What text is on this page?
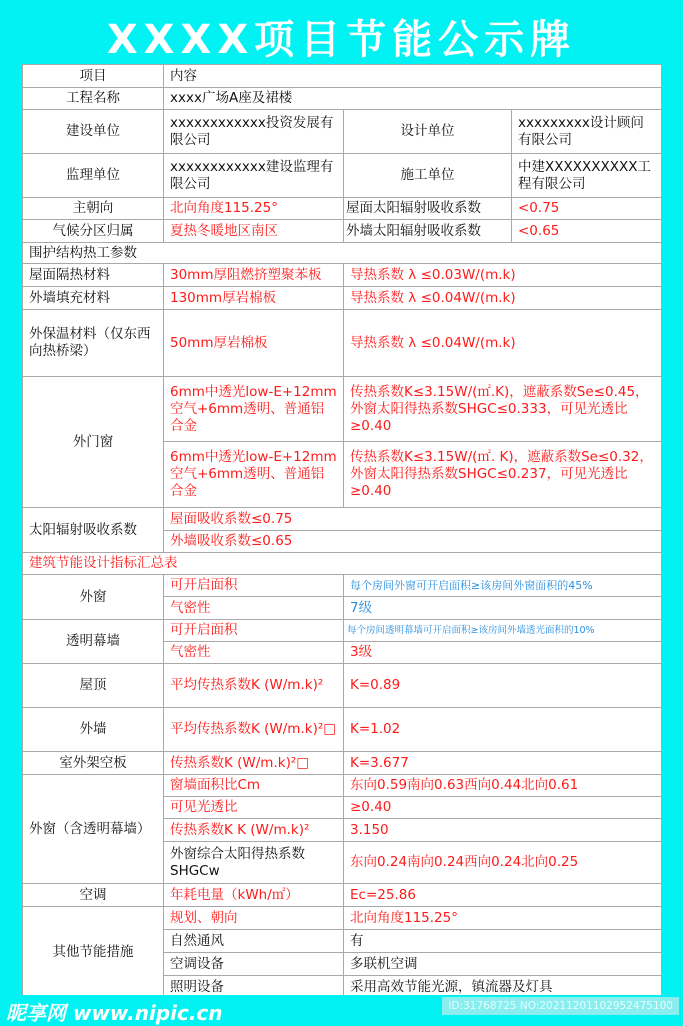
XXXX项目节能公示牌
项目	内容		
工程名称	xxxx广场A座及裙楼		
建设单位	xxxxxxxxxxxx投资发展有限公司	设计单位	xxxxxxxxx设计顾问有限公司
监理单位	xxxxxxxxxxxx建设监理有限公司	施工单位	中建XXXXXXXXXX工程有限公司
主朝向	北向角度115.25°	屋面太阳辐射吸收系数	<0.75
气候分区归属	夏热冬暖地区南区	外墙太阳辐射吸收系数	<0.65
围护结构热工参数			
屋面隔热材料	30mm厚阻燃挤塑聚苯板	导热系数 λ ≤0.03W/(m.k)	
外墙填充材料	130mm厚岩棉板	导热系数 λ ≤0.04W/(m.k)	
外保温材料（仅东西向热桥梁）	50mm厚岩棉板	导热系数 λ ≤0.04W/(m.k)	
外门窗	6mm中透光low-E+12mm空气+6mm透明、普通铝合金	传热系数K≤3.15W/(㎡.K)，遮蔽系数Se≤0.45，外窗太阳得热系数SHGC≤0.333，可见光透比≥0.40	
	6mm中透光low-E+12mm空气+6mm透明、普通铝合金	传热系数K≤3.15W/(㎡. K)，遮蔽系数Se≤0.32，外窗太阳得热系数SHGC≤0.237，可见光透比≥0.40	
太阳辐射吸收系数	屋面吸收系数≤0.75		
	外墙吸收系数≤0.65		
建筑节能设计指标汇总表			
外窗	可开启面积	每个房间外窗可开启面积≥该房间外窗面积的45%	
	气密性	7级	
透明幕墙	可开启面积	每个房间透明幕墙可开启面积≥该房间外墙透光面积的10%	
	气密性	3级	
屋顶	平均传热系数K (W/m.k)²	K=0.89	
外墙	平均传热系数K (W/m.k)²□	K=1.02	
室外架空板	传热系数K (W/m.k)²□	K=3.677	
外窗（含透明幕墙）	窗墙面积比Cm	东向0.59南向0.63西向0.44北向0.61	
	可见光透比	≥0.40	
	传热系数K K (W/m.k)²	3.150	
	外窗综合太阳得热系数SHGCw	东向0.24南向0.24西向0.24北向0.25	
空调	年耗电量（kWh/㎡）	Ec=25.86	
其他节能措施	规划、朝向	北向角度115.25°	
	自然通风	有	
	空调设备	多联机空调	
	照明设备	采用高效节能光源，镇流器及灯具	
昵享网 www.nipic.cn	ID:31768725 NO:20211201102952475100
